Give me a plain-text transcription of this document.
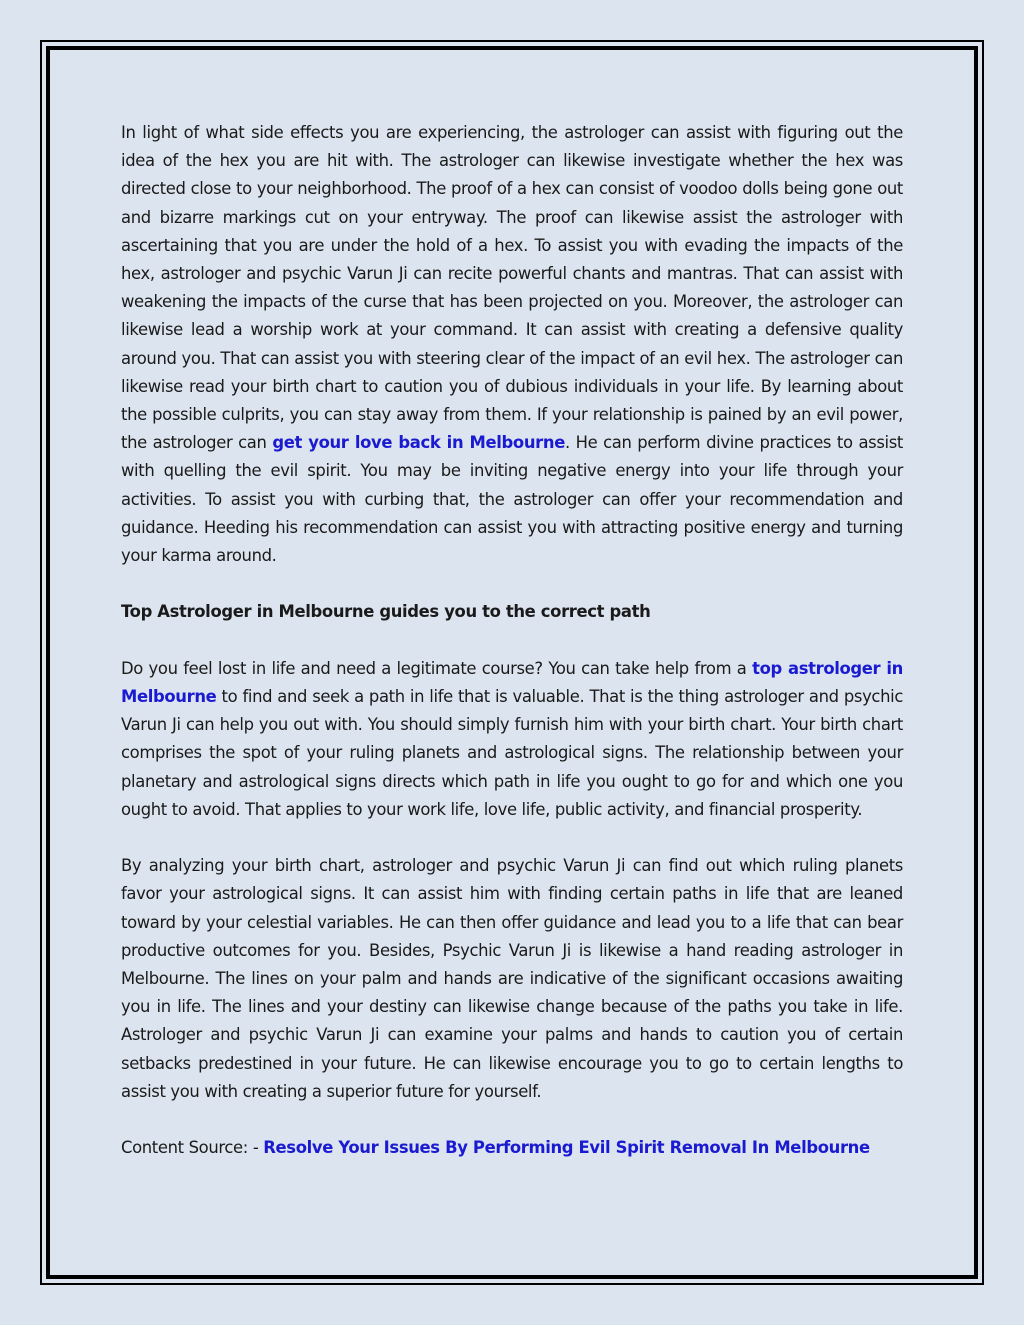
In light of what side effects you are experiencing, the astrologer can assist with figuring out the idea of the hex you are hit with. The astrologer can likewise investigate whether the hex was directed close to your neighborhood. The proof of a hex can consist of voodoo dolls being gone out and bizarre markings cut on your entryway. The proof can likewise assist the astrologer with ascertaining that you are under the hold of a hex. To assist you with evading the impacts of the hex, astrologer and psychic Varun Ji can recite powerful chants and mantras. That can assist with weakening the impacts of the curse that has been projected on you. Moreover, the astrologer can likewise lead a worship work at your command. It can assist with creating a defensive quality around you. That can assist you with steering clear of the impact of an evil hex. The astrologer can likewise read your birth chart to caution you of dubious individuals in your life. By learning about the possible culprits, you can stay away from them. If your relationship is pained by an evil power, the astrologer can get your love back in Melbourne. He can perform divine practices to assist with quelling the evil spirit. You may be inviting negative energy into your life through your activities. To assist you with curbing that, the astrologer can offer your recommendation and guidance. Heeding his recommendation can assist you with attracting positive energy and turning your karma around.

Top Astrologer in Melbourne guides you to the correct path

Do you feel lost in life and need a legitimate course? You can take help from a top astrologer in Melbourne to find and seek a path in life that is valuable. That is the thing astrologer and psychic Varun Ji can help you out with. You should simply furnish him with your birth chart. Your birth chart comprises the spot of your ruling planets and astrological signs. The relationship between your planetary and astrological signs directs which path in life you ought to go for and which one you ought to avoid. That applies to your work life, love life, public activity, and financial prosperity.

By analyzing your birth chart, astrologer and psychic Varun Ji can find out which ruling planets favor your astrological signs. It can assist him with finding certain paths in life that are leaned toward by your celestial variables. He can then offer guidance and lead you to a life that can bear productive outcomes for you. Besides, Psychic Varun Ji is likewise a hand reading astrologer in Melbourne. The lines on your palm and hands are indicative of the significant occasions awaiting you in life. The lines and your destiny can likewise change because of the paths you take in life. Astrologer and psychic Varun Ji can examine your palms and hands to caution you of certain setbacks predestined in your future. He can likewise encourage you to go to certain lengths to assist you with creating a superior future for yourself.

Content Source: - Resolve Your Issues By Performing Evil Spirit Removal In Melbourne
